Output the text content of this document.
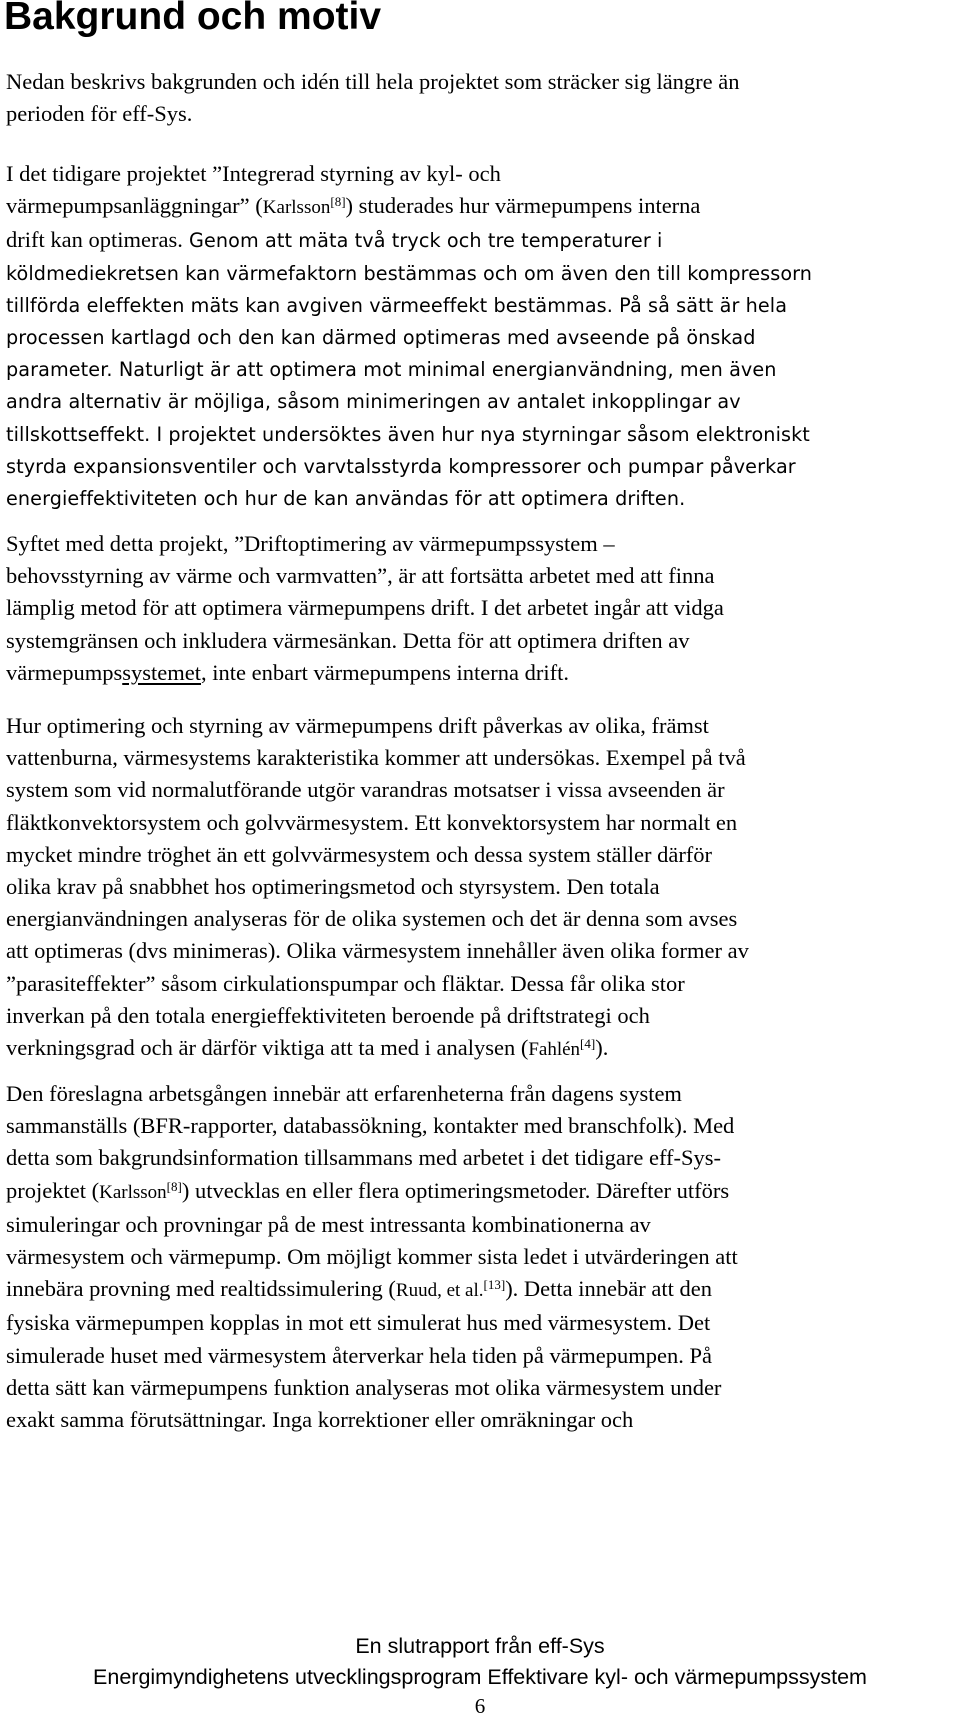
Bakgrund och motiv
Nedan beskrivs bakgrunden och idén till hela projektet som sträcker sig längre än
perioden för eff-Sys.
I det tidigare projektet ”Integrerad styrning av kyl- och
värmepumpsanläggningar” (Karlsson[8]) studerades hur värmepumpens interna
drift kan optimeras. Genom att mäta två tryck och tre temperaturer i
köldmediekretsen kan värmefaktorn bestämmas och om även den till kompressorn
tillförda eleffekten mäts kan avgiven värmeeffekt bestämmas. På så sätt är hela
processen kartlagd och den kan därmed optimeras med avseende på önskad
parameter. Naturligt är att optimera mot minimal energianvändning, men även
andra alternativ är möjliga, såsom minimeringen av antalet inkopplingar av
tillskottseffekt. I projektet undersöktes även hur nya styrningar såsom elektroniskt
styrda expansionsventiler och varvtalsstyrda kompressorer och pumpar påverkar
energieffektiviteten och hur de kan användas för att optimera driften.
Syftet med detta projekt, ”Driftoptimering av värmepumpssystem –
behovsstyrning av värme och varmvatten”, är att fortsätta arbetet med att finna
lämplig metod för att optimera värmepumpens drift. I det arbetet ingår att vidga
systemgränsen och inkludera värmesänkan. Detta för att optimera driften av
värmepumpssystemet, inte enbart värmepumpens interna drift.
Hur optimering och styrning av värmepumpens drift påverkas av olika, främst
vattenburna, värmesystems karakteristika kommer att undersökas. Exempel på två
system som vid normalutförande utgör varandras motsatser i vissa avseenden är
fläktkonvektorsystem och golvvärmesystem. Ett konvektorsystem har normalt en
mycket mindre tröghet än ett golvvärmesystem och dessa system ställer därför
olika krav på snabbhet hos optimeringsmetod och styrsystem. Den totala
energianvändningen analyseras för de olika systemen och det är denna som avses
att optimeras (dvs minimeras). Olika värmesystem innehåller även olika former av
”parasiteffekter” såsom cirkulationspumpar och fläktar. Dessa får olika stor
inverkan på den totala energieffektiviteten beroende på driftstrategi och
verkningsgrad och är därför viktiga att ta med i analysen (Fahlén[4]).
Den föreslagna arbetsgången innebär att erfarenheterna från dagens system
sammanställs (BFR-rapporter, databassökning, kontakter med branschfolk). Med
detta som bakgrundsinformation tillsammans med arbetet i det tidigare eff-Sys-
projektet (Karlsson[8]) utvecklas en eller flera optimeringsmetoder. Därefter utförs
simuleringar och provningar på de mest intressanta kombinationerna av
värmesystem och värmepump. Om möjligt kommer sista ledet i utvärderingen att
innebära provning med realtidssimulering (Ruud, et al.[13]). Detta innebär att den
fysiska värmepumpen kopplas in mot ett simulerat hus med värmesystem. Det
simulerade huset med värmesystem återverkar hela tiden på värmepumpen. På
detta sätt kan värmepumpens funktion analyseras mot olika värmesystem under
exakt samma förutsättningar. Inga korrektioner eller omräkningar och
En slutrapport från eff-Sys
Energimyndighetens utvecklingsprogram Effektivare kyl- och värmepumpssystem
6
